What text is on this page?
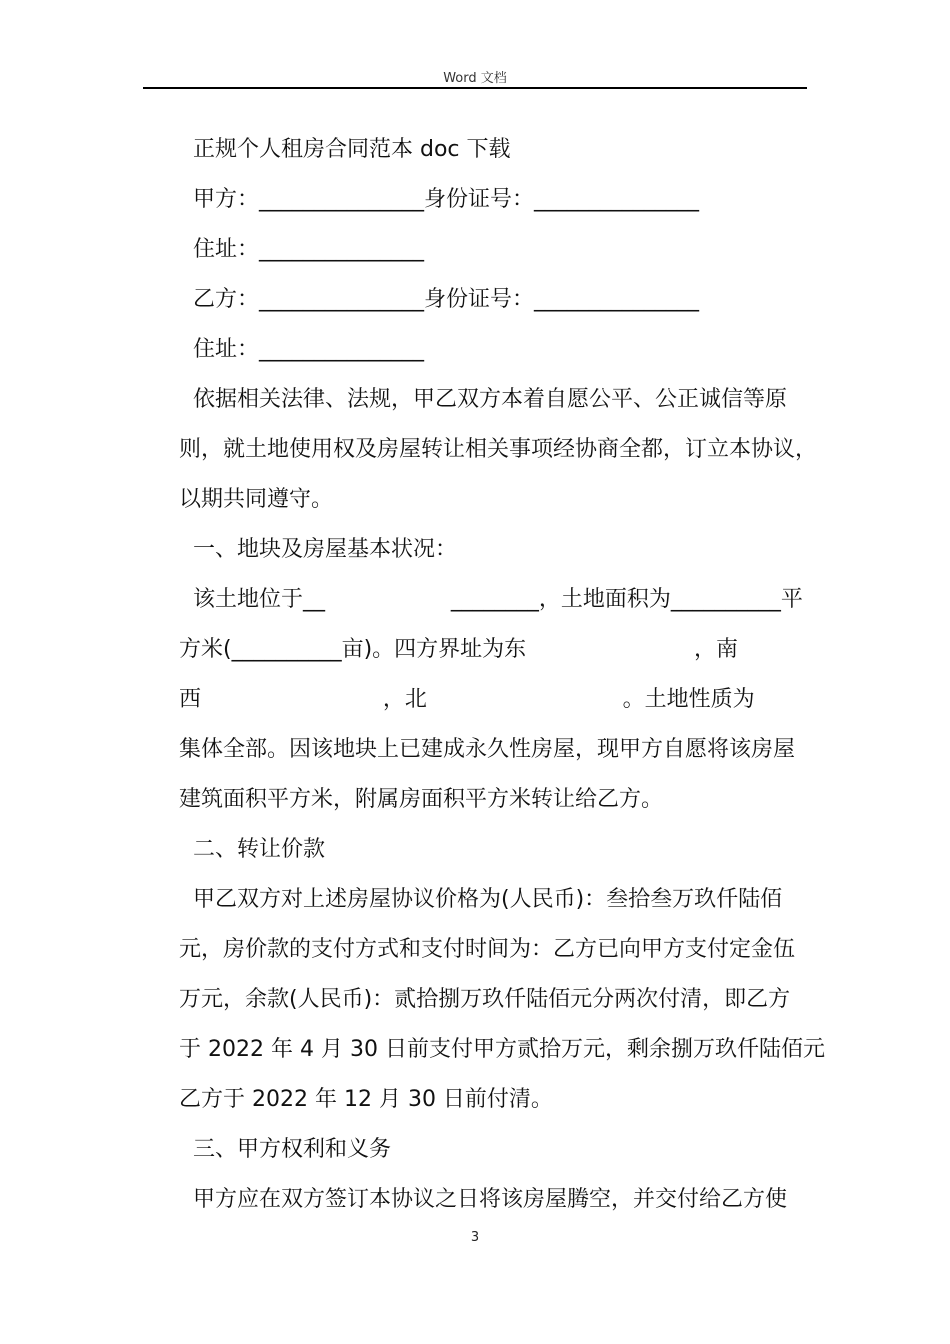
Word 文档
正规个人租房合同范本 doc 下载
甲方：_______________身份证号：_______________
住址：_______________
乙方：_______________身份证号：_______________
住址：_______________
依据相关法律、法规，甲乙双方本着自愿公平、公正诚信等原
则，就土地使用权及房屋转让相关事项经协商全都，订立本协议，
以期共同遵守。
一、地块及房屋基本状况：
该土地位于__                  ________，土地面积为__________平
方米(__________亩)。四方界址为东                        ，南
西                          ，北                            。土地性质为
集体全部。因该地块上已建成永久性房屋，现甲方自愿将该房屋
建筑面积平方米，附属房面积平方米转让给乙方。
二、转让价款
甲乙双方对上述房屋协议价格为(人民币)：叁拾叁万玖仟陆佰
元，房价款的支付方式和支付时间为：乙方已向甲方支付定金伍
万元，余款(人民币)：贰拾捌万玖仟陆佰元分两次付清，即乙方
于 2022 年 4 月 30 日前支付甲方贰拾万元，剩余捌万玖仟陆佰元
乙方于 2022 年 12 月 30 日前付清。
三、甲方权利和义务
甲方应在双方签订本协议之日将该房屋腾空，并交付给乙方使
3
